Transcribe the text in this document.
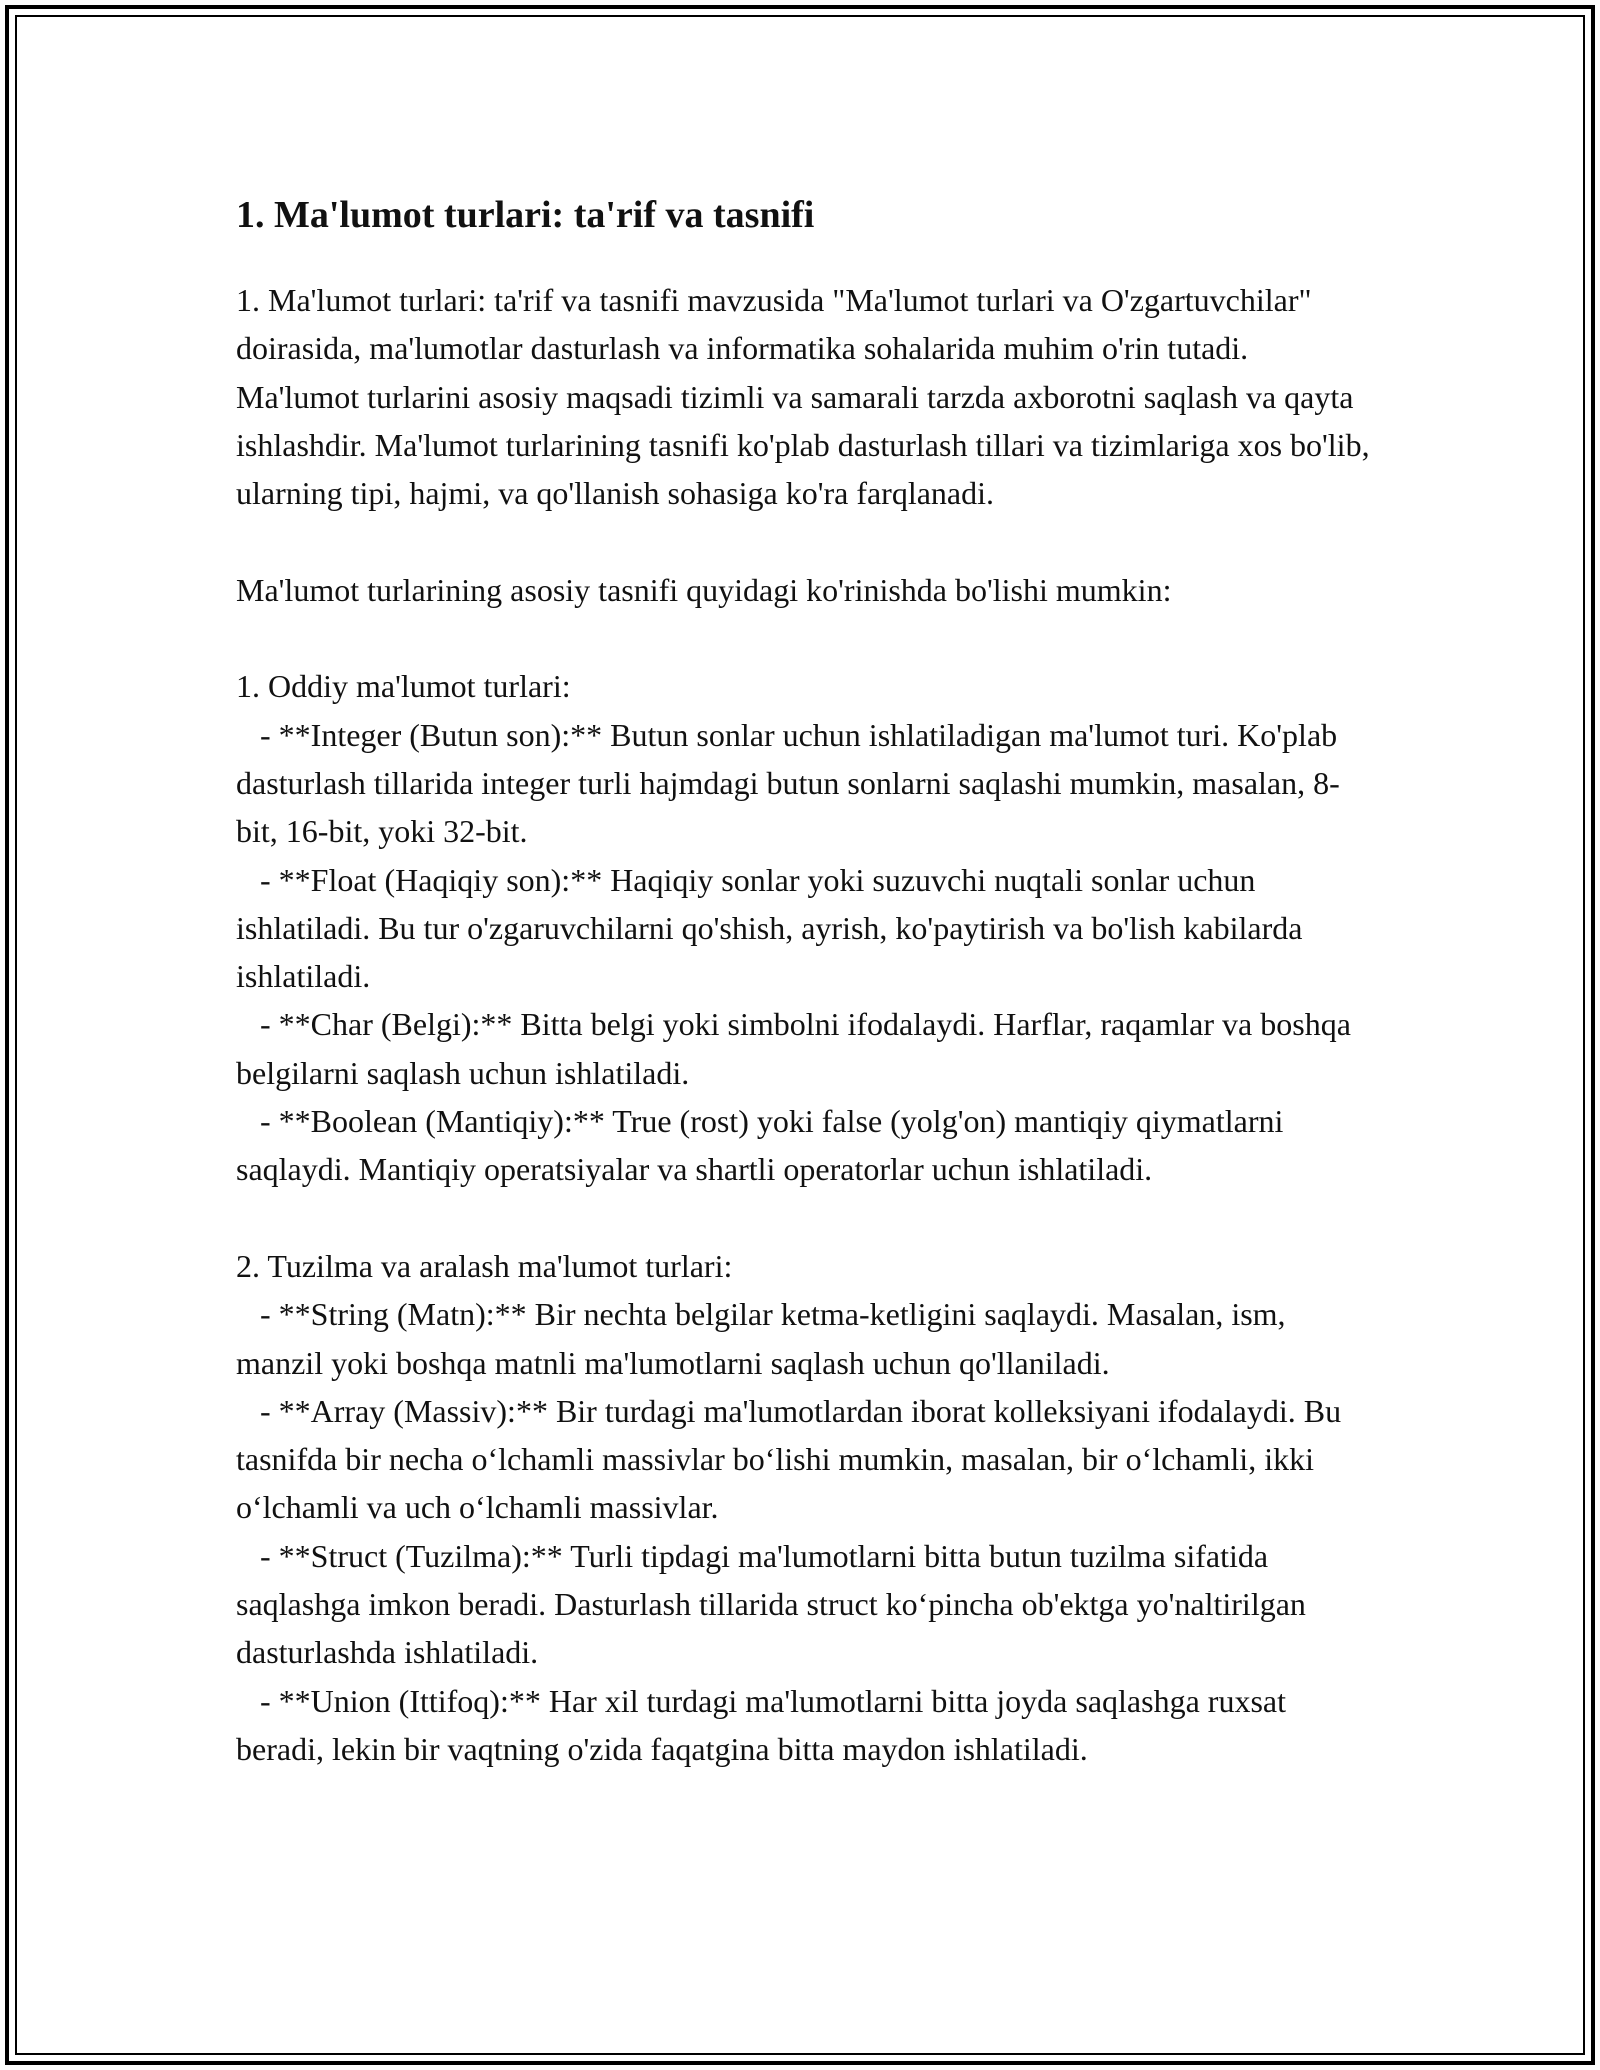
1. Ma'lumot turlari: ta'rif va tasnifi

1. Ma'lumot turlari: ta'rif va tasnifi mavzusida "Ma'lumot turlari va O'zgartuvchilar" doirasida, ma'lumotlar dasturlash va informatika sohalarida muhim o'rin tutadi. Ma'lumot turlarini asosiy maqsadi tizimli va samarali tarzda axborotni saqlash va qayta ishlashdir. Ma'lumot turlarining tasnifi ko'plab dasturlash tillari va tizimlariga xos bo'lib, ularning tipi, hajmi, va qo'llanish sohasiga ko'ra farqlanadi.

Ma'lumot turlarining asosiy tasnifi quyidagi ko'rinishda bo'lishi mumkin:

1. Oddiy ma'lumot turlari:

- **Integer (Butun son):** Butun sonlar uchun ishlatiladigan ma'lumot turi. Ko'plab dasturlash tillarida integer turli hajmdagi butun sonlarni saqlashi mumkin, masalan, 8-bit, 16-bit, yoki 32-bit.

- **Float (Haqiqiy son):** Haqiqiy sonlar yoki suzuvchi nuqtali sonlar uchun ishlatiladi. Bu tur o'zgaruvchilarni qo'shish, ayrish, ko'paytirish va bo'lish kabilarda ishlatiladi.

- **Char (Belgi):** Bitta belgi yoki simbolni ifodalaydi. Harflar, raqamlar va boshqa belgilarni saqlash uchun ishlatiladi.

- **Boolean (Mantiqiy):** True (rost) yoki false (yolg'on) mantiqiy qiymatlarni saqlaydi. Mantiqiy operatsiyalar va shartli operatorlar uchun ishlatiladi.

2. Tuzilma va aralash ma'lumot turlari:

- **String (Matn):** Bir nechta belgilar ketma-ketligini saqlaydi. Masalan, ism, manzil yoki boshqa matnli ma'lumotlarni saqlash uchun qo'llaniladi.

- **Array (Massiv):** Bir turdagi ma'lumotlardan iborat kolleksiyani ifodalaydi. Bu tasnifda bir necha o‘lchamli massivlar bo‘lishi mumkin, masalan, bir o‘lchamli, ikki o‘lchamli va uch o‘lchamli massivlar.

- **Struct (Tuzilma):** Turli tipdagi ma'lumotlarni bitta butun tuzilma sifatida saqlashga imkon beradi. Dasturlash tillarida struct ko‘pincha ob'ektga yo'naltirilgan dasturlashda ishlatiladi.

- **Union (Ittifoq):** Har xil turdagi ma'lumotlarni bitta joyda saqlashga ruxsat beradi, lekin bir vaqtning o'zida faqatgina bitta maydon ishlatiladi.
